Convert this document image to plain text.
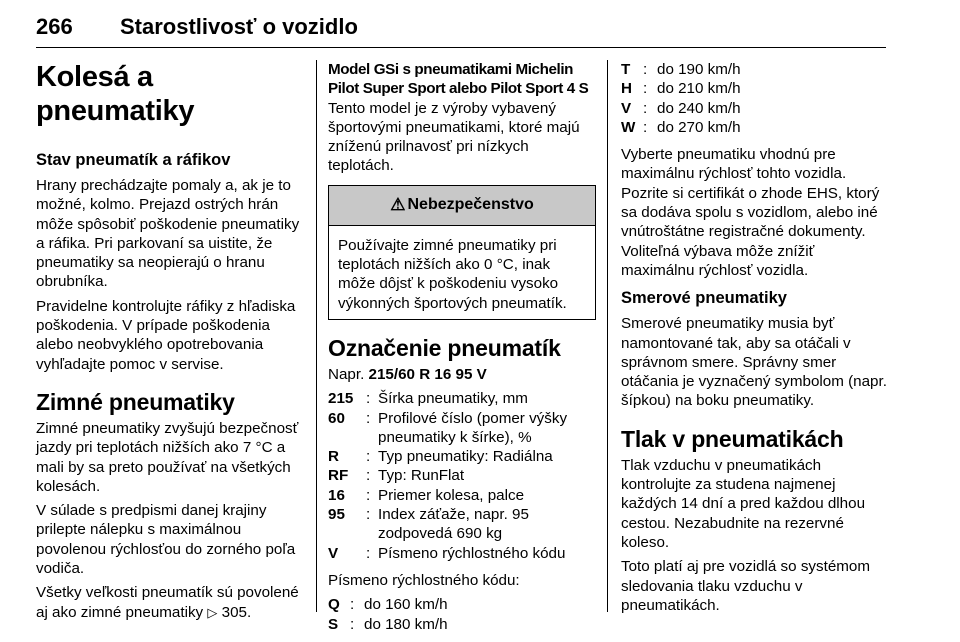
266 Starostlivosť o vozidlo
Kolesá a pneumatiky
Stav pneumatík a ráfikov

Hrany prechádzajte pomaly a, ak je to možné, kolmo. Prejazd ostrých hrán môže spôsobiť poškodenie pneumatiky a ráfika. Pri parkovaní sa uistite, že pneumatiky sa neopierajú o hranu obrubníka.

Pravidelne kontrolujte ráfiky z hľadiska poškodenia. V prípade poškodenia alebo neobvyklého opotrebovania vyhľadajte pomoc v servise.

Zimné pneumatiky

Zimné pneumatiky zvyšujú bezpečnosť jazdy pri teplotách nižších ako 7 °C a mali by sa preto používať na všetkých kolesách.

V súlade s predpismi danej krajiny prilepte nálepku s maximálnou povolenou rýchlosťou do zorného poľa vodiča.

Všetky veľkosti pneumatík sú povolené aj ako zimné pneumatiky ▷ 305.

Model GSi s pneumatikami Michelin
Pilot Super Sport alebo Pilot Sport 4 S

Tento model je z výroby vybavený športovými pneumatikami, ktoré majú zníženú prilnavosť pri nízkych teplotách.

⚠ Nebezpečenstvo

Používajte zimné pneumatiky pri teplotách nižších ako 0 °C, inak môže dôjsť k poškodeniu vysoko výkonných športových pneumatík.

Označenie pneumatík

Napr. 215/60 R 16 95 V

215 : Šírka pneumatiky, mm
60	: Profilové číslo (pomer výšky pneumatiky k šírke), %
R	: Typ pneumatiky: Radiálna
RF	: Typ: RunFlat
16	: Priemer kolesa, palce
95	: Index záťaže, napr. 95 zodpovedá 690 kg
V	: Písmeno rýchlostného kódu

Písmeno rýchlostného kódu:

Q : do 160 km/h
S : do 180 km/h
T : do 190 km/h
H : do 210 km/h
V : do 240 km/h
W : do 270 km/h

Vyberte pneumatiku vhodnú pre maximálnu rýchlosť tohto vozidla. Pozrite si certifikát o zhode EHS, ktorý sa dodáva spolu s vozidlom, alebo iné vnútroštátne registračné dokumenty. Voliteľná výbava môže znížiť maximálnu rýchlosť vozidla.

Smerové pneumatiky

Smerové pneumatiky musia byť namontované tak, aby sa otáčali v správnom smere. Správny smer otáčania je vyznačený symbolom (napr. šípkou) na boku pneumatiky.

Tlak v pneumatikách

Tlak vzduchu v pneumatikách kontrolujte za studena najmenej každých 14 dní a pred každou dlhou cestou. Nezabudnite na rezervné koleso.

Toto platí aj pre vozidlá so systémom sledovania tlaku vzduchu v pneumatikách.
